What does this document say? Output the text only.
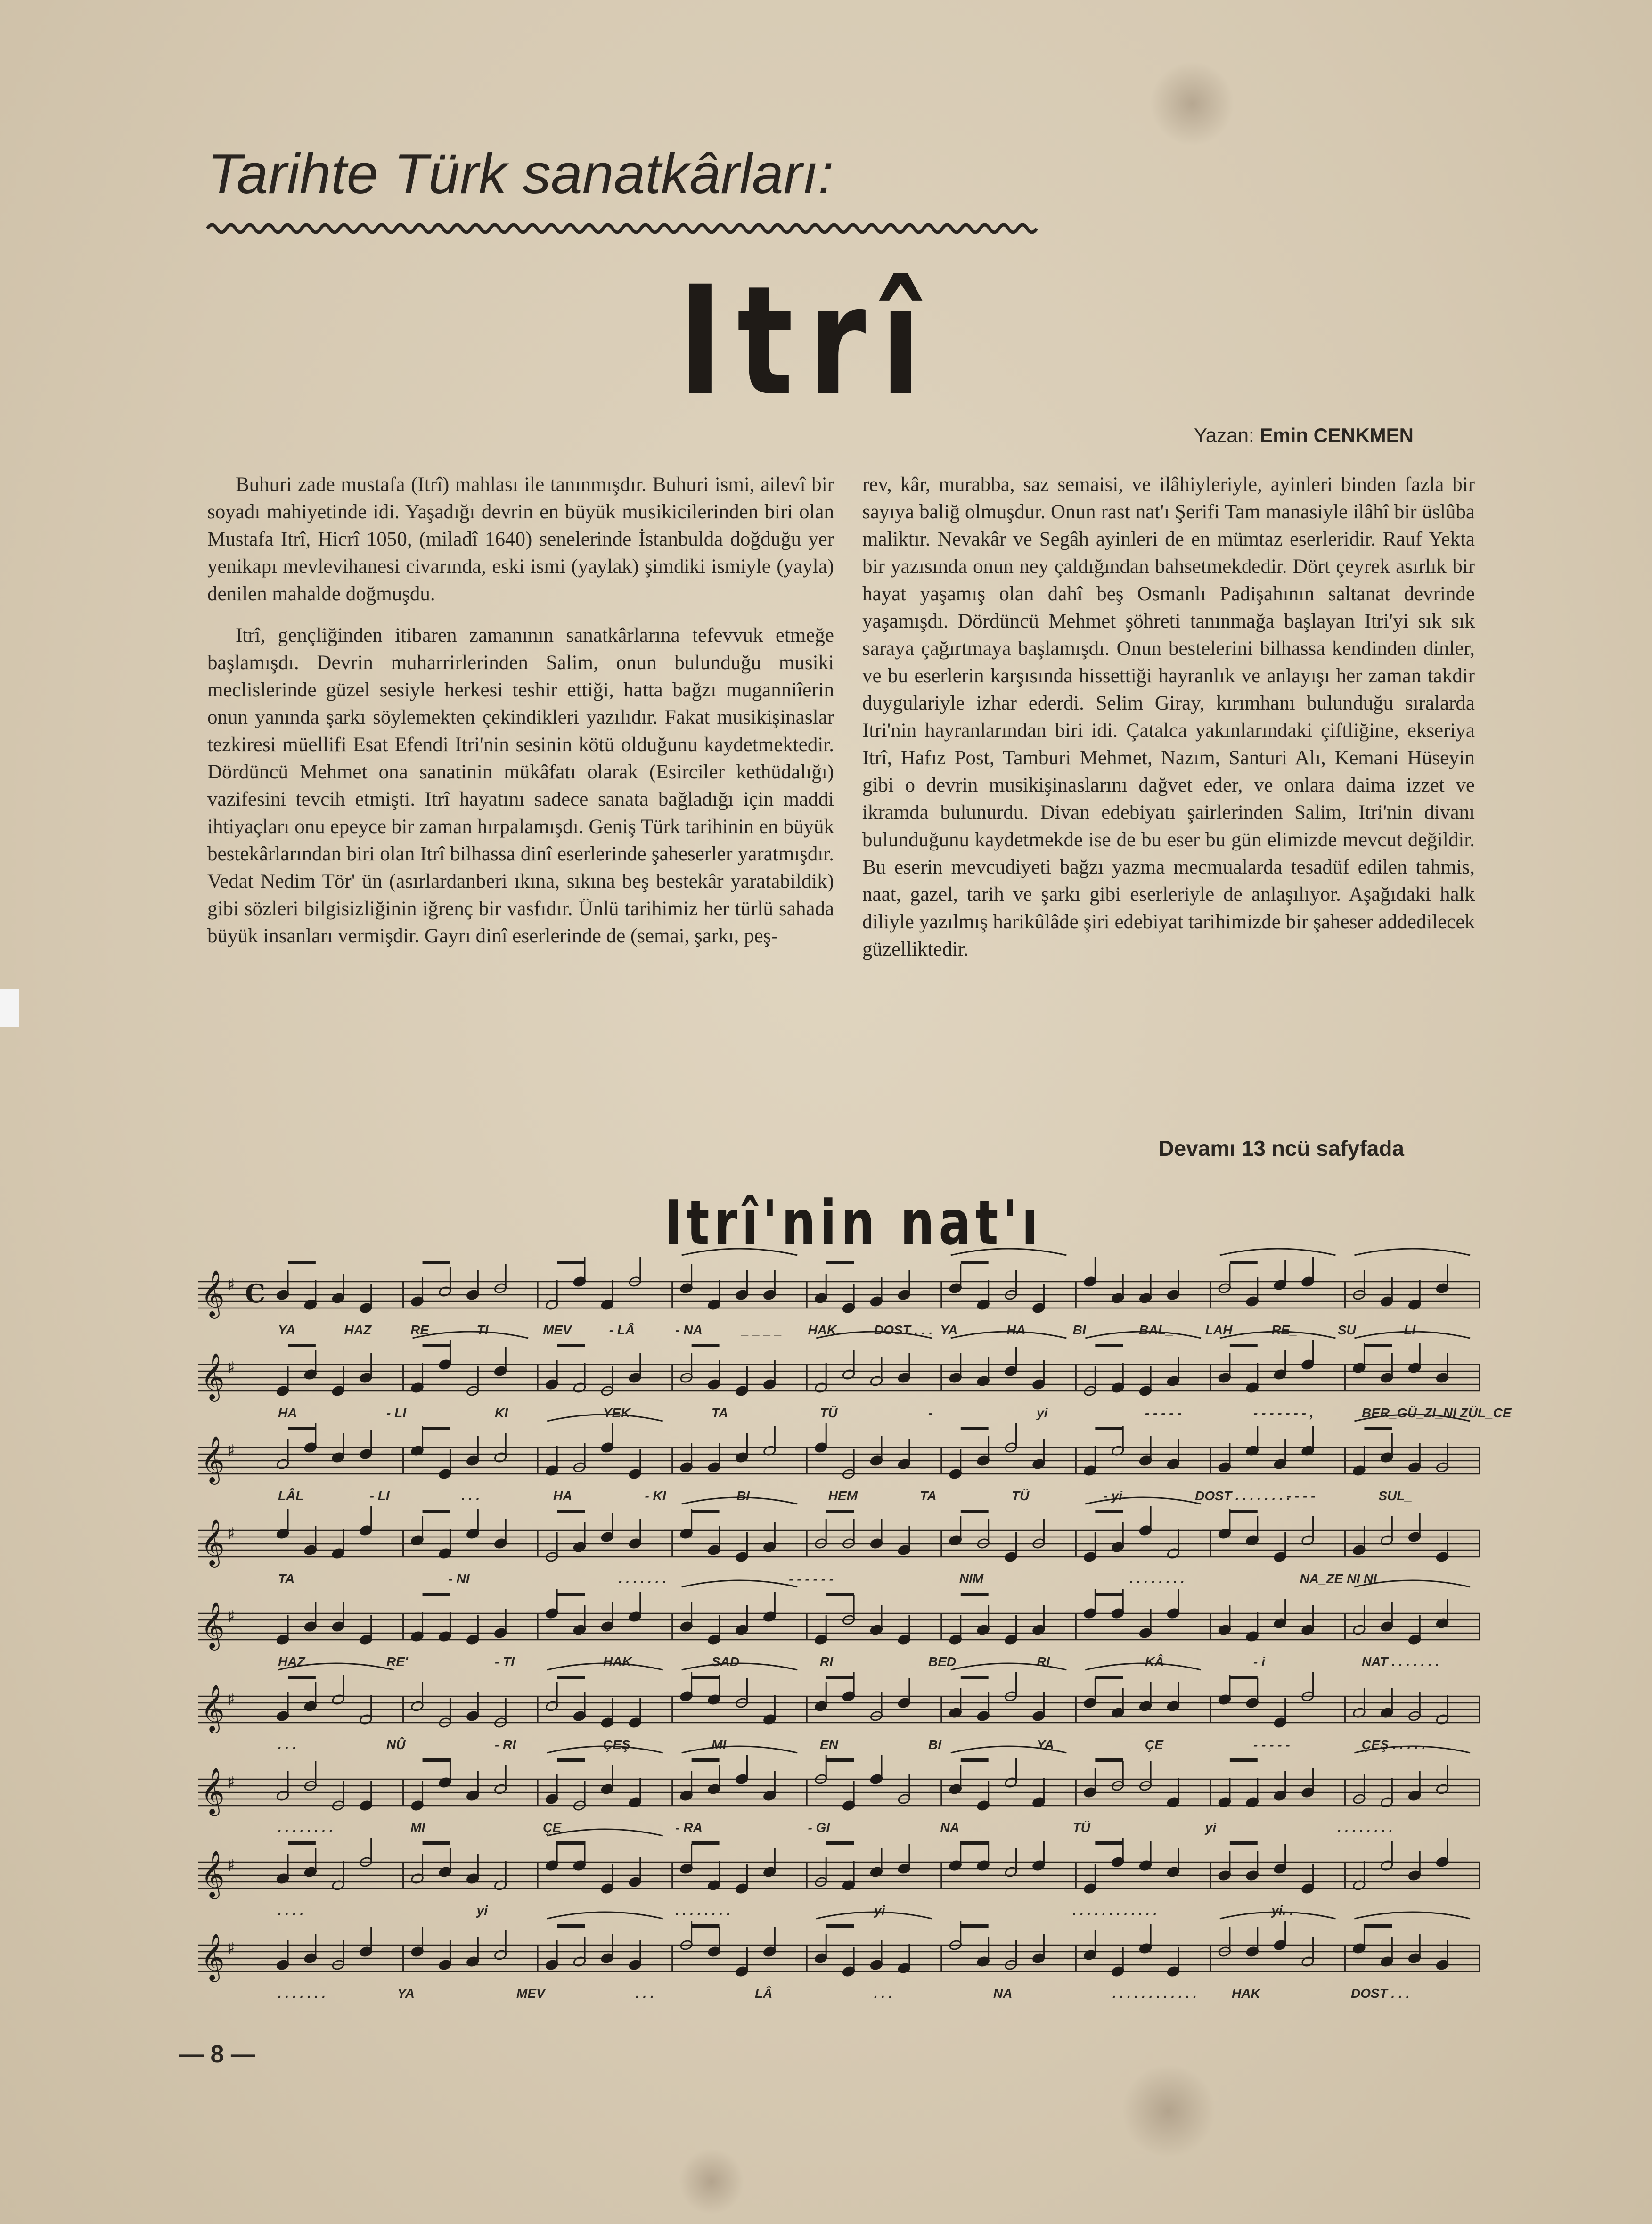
Tarihte Türk sanatkârları:
Itrî
Yazan: Emin CENKMEN

Buhuri zade mustafa (Itrî) mahlası ile tanınmışdır. Buhuri ismi, ailevî bir soyadı mahiyetinde idi. Yaşadığı devrin en büyük musikicilerinden biri olan Mustafa Itrî, Hicrî 1050, (miladî 1640) senelerinde İstanbulda doğduğu yer yenikapı mevlevihanesi civarında, eski ismi (yaylak) şimdiki ismiyle (yayla) denilen mahalde doğmuşdu.

Itrî, gençliğinden itibaren zamanının sanatkârlarına tefevvuk etmeğe başlamışdı. Devrin muharrirlerinden Salim, onun bulunduğu musiki meclislerinde güzel sesiyle herkesi teshir ettiği, hatta bağzı muganniîerin onun yanında şarkı söylemekten çekindikleri yazılıdır. Fakat musikişinaslar tezkiresi müellifi Esat Efendi Itri'nin sesinin kötü olduğunu kaydetmektedir. Dördüncü Mehmet ona sanatinin mükâfatı olarak (Esirciler kethüdalığı) vazifesini tevcih etmişti. Itrî hayatını sadece sanata bağladığı için maddi ihtiyaçları onu epeyce bir zaman hırpalamışdı. Geniş Türk tarihinin en büyük bestekârlarından biri olan Itrî bilhassa dinî eserlerinde şaheserler yaratmışdır. Vedat Nedim Tör' ün (asırlardanberi ıkına, sıkına beş bestekâr yaratabildik) gibi sözleri bilgisizliğinin iğrenç bir vasfıdır. Ünlü tarihimiz her türlü sahada büyük insanları vermişdir. Gayrı dinî eserlerinde de (semai, şarkı, peş-

rev, kâr, murabba, saz semaisi, ve ilâhiyleriyle, ayinleri binden fazla bir sayıya baliğ olmuşdur. Onun rast nat'ı Şerifi Tam manasiyle ilâhî bir üslûba maliktır. Nevakâr ve Segâh ayinleri de en mümtaz eserleridir. Rauf Yekta bir yazısında onun ney çaldığından bahsetmekdedir. Dört çeyrek asırlık bir hayat yaşamış olan dahî beş Osmanlı Padişahının saltanat devrinde yaşamışdı. Dördüncü Mehmet şöhreti tanınmağa başlayan Itri'yi sık sık saraya çağırtmaya başlamışdı. Onun bestelerini bilhassa kendinden dinler, ve bu eserlerin karşısında hissettiği hayranlık ve anlayışı her zaman takdir duygulariyle izhar ederdi. Selim Giray, kırımhanı bulunduğu sıralarda Itri'nin hayranlarından biri idi. Çatalca yakınlarındaki çiftliğine, ekseriya Itrî, Hafız Post, Tamburi Mehmet, Nazım, Santuri Alı, Kemani Hüseyin gibi o devrin musikişinaslarını dağvet eder, ve onlara daima izzet ve ikramda bulunurdu. Divan edebiyatı şairlerinden Salim, Itri'nin divanı bulunduğunu kaydetmekde ise de bu eser bu gün elimizde mevcut değildir. Bu eserin mevcudiyeti bağzı yazma mecmualarda tesadüf edilen tahmis, naat, gazel, tarih ve şarkı gibi eserleriyle de anlaşılıyor. Aşağıdaki halk diliyle yazılmış harikûlâde şiri edebiyat tarihimizde bir şaheser addedilecek güzelliktedir.

Devamı 13 ncü safyfada
Itrî'nin nat'ı
𝄞 ♯ C
YA	HAZ	RE	TI	MEV	- LÂ	- NA	_ _ _ _ HAK	DOST . . . YA	HA	BI	BAL_ LAH	RE_	SU	LI
𝄞 ♯
HA	- LI	KI	YEK	TA	TÜ	-	yi	- - - - -	- - - - - - - ,	BER_GÜ_ZI_NI ZÜL_CE
𝄞 ♯
LÂL	- LI	. . .	HA	- KI	BI	HEM	TA	TÜ	- yi	DOST . . . . . . . .
- - - -	SUL_
𝄞 ♯
TA	- NI	. . . . . . .	- - - - - -	NIM	. . . . . . . .	NA_ZE NI NI
𝄞 ♯
HAZ	RE'	- TI	HAK	SAD	RI	BED	RI	KÂ	- i	NAT . . . . . . .
𝄞 ♯
. . .	NÛ	- RI	ÇEŞ	MI	EN	BI	YA	ÇE	- - - - -	ÇEŞ . . . . .
𝄞 ♯
. . . . . . . .	MI	ÇE	- RA	- GI	NA	TÜ	yi	. . . . . . . .
𝄞 ♯
. . . .	yi	. . . . . . . .	yi	. . . . . . . . . . . .	yi. .
𝄞 ♯
. . . . . . .	YA	MEV	. . .	LÂ	. . .	NA	. . . . . . . . . . . .	HAK	DOST . . .
— 8 —
